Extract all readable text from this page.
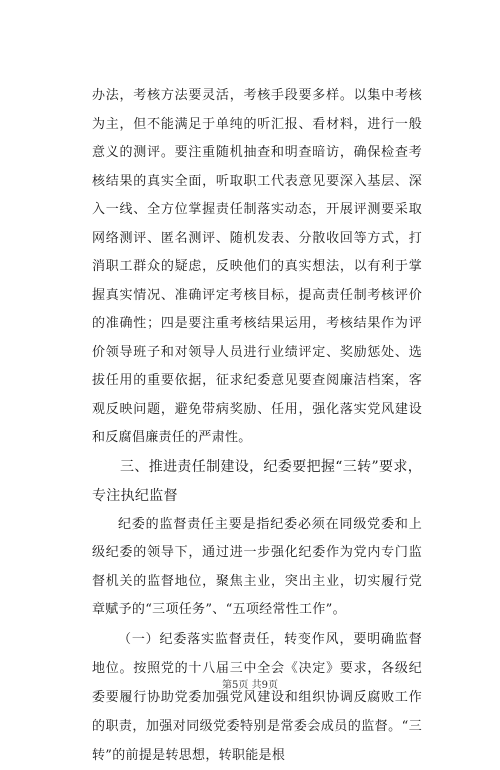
办法，考核方法要灵活，考核手段要多样。以集中考核为主，但不能满足于单纯的听汇报、看材料，进行一般意义的测评。要注重随机抽查和明查暗访，确保检查考核结果的真实全面，听取职工代表意见要深入基层、深入一线、全方位掌握责任制落实动态，开展评测要采取网络测评、匿名测评、随机发表、分散收回等方式，打消职工群众的疑虑，反映他们的真实想法，以有利于掌握真实情况、准确评定考核目标，提高责任制考核评价的准确性；四是要注重考核结果运用，考核结果作为评价领导班子和对领导人员进行业绩评定、奖励惩处、选拔任用的重要依据，征求纪委意见要查阅廉洁档案，客观反映问题，避免带病奖励、任用，强化落实党风建设和反腐倡廉责任的严肃性。

三、推进责任制建设，纪委要把握“三转”要求，专注执纪监督

纪委的监督责任主要是指纪委必须在同级党委和上级纪委的领导下，通过进一步强化纪委作为党内专门监督机关的监督地位，聚焦主业，突出主业，切实履行党章赋予的“三项任务”、“五项经常性工作”。

（一）纪委落实监督责任，转变作风，要明确监督地位。按照党的十八届三中全会《决定》要求，各级纪委要履行协助党委加强党风建设和组织协调反腐败工作的职责，加强对同级党委特别是常委会成员的监督。“三转”的前提是转思想，转职能是根

第5页 共9页
